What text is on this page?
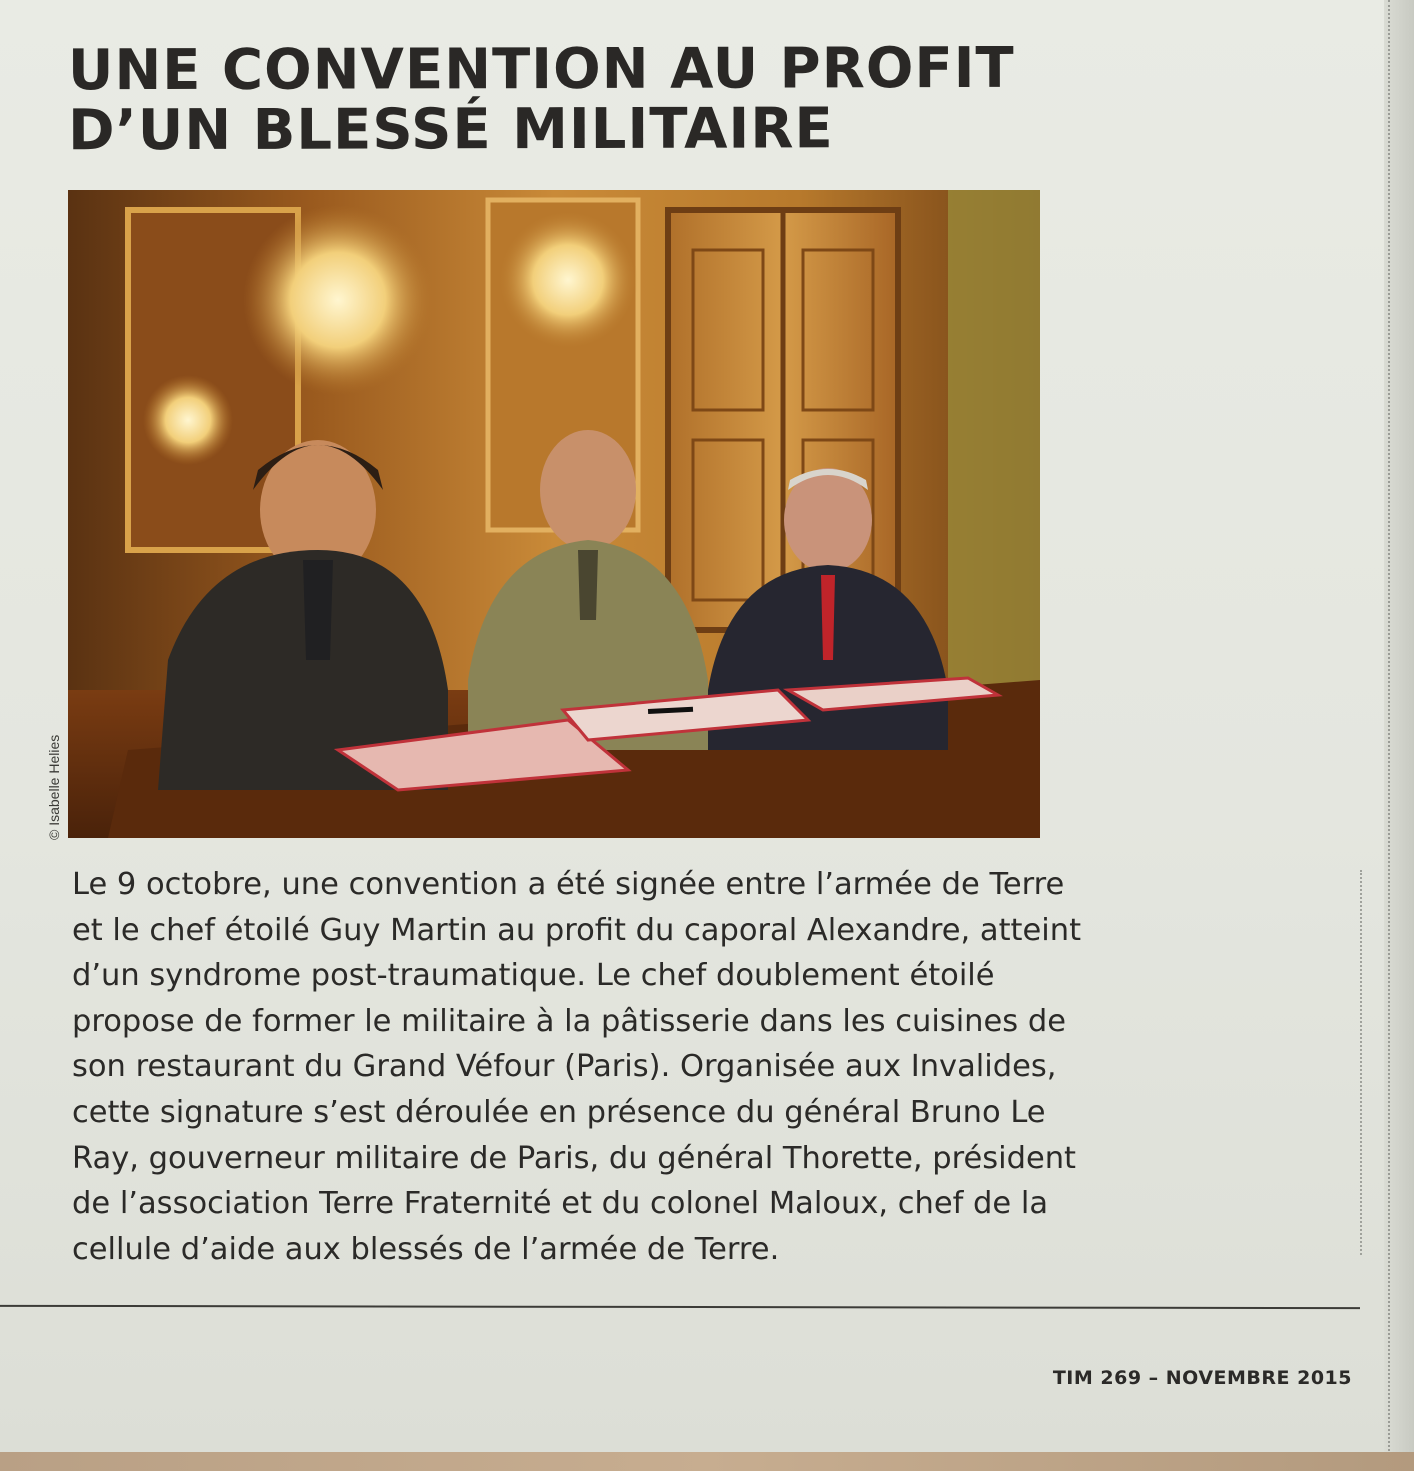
UNE CONVENTION AU PROFIT
D’UN BLESSÉ MILITAIRE
© Isabelle Helies

Le 9 octobre, une convention a été signée entre l’armée de Terre
et le chef étoilé Guy Martin au profit du caporal Alexandre, atteint
d’un syndrome post-traumatique. Le chef doublement étoilé
propose de former le militaire à la pâtisserie dans les cuisines de
son restaurant du Grand Véfour (Paris). Organisée aux Invalides,
cette signature s’est déroulée en présence du général Bruno Le
Ray, gouverneur militaire de Paris, du général Thorette, président
de l’association Terre Fraternité et du colonel Maloux, chef de la
cellule d’aide aux blessés de l’armée de Terre.

TIM 269 – NOVEMBRE 2015
